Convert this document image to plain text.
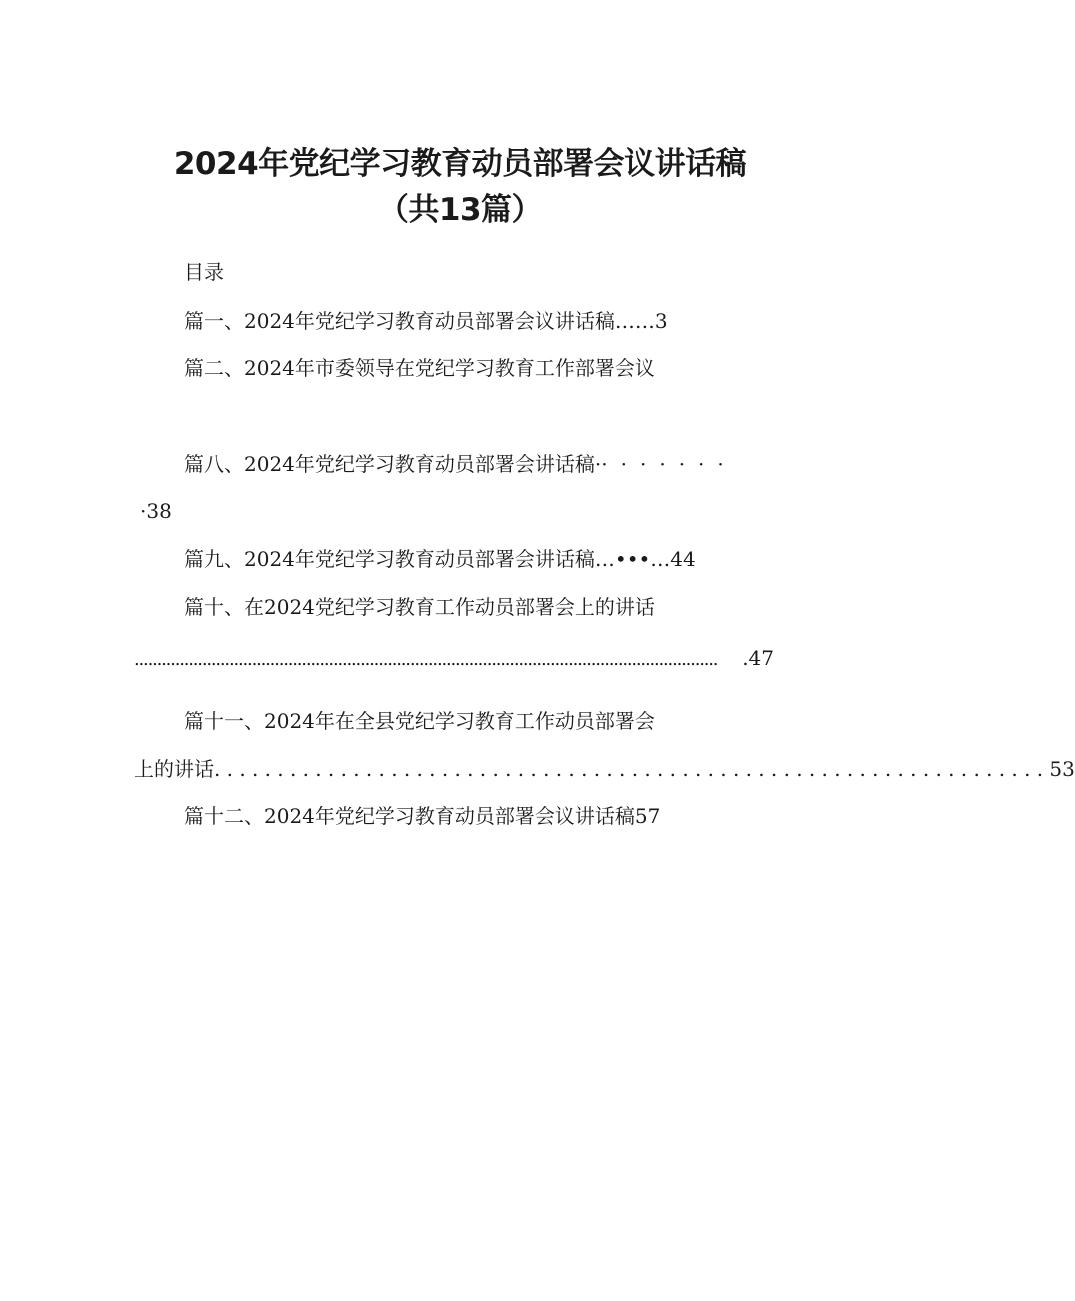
2024年党纪学习教育动员部署会议讲话稿
（共13篇）
目录
篇一、2024年党纪学习教育动员部署会议讲话稿……3
篇二、2024年市委领导在党纪学习教育工作部署会议
篇八、2024年党纪学习教育动员部署会讲话稿········
·38
篇九、2024年党纪学习教育动员部署会讲话稿…•••…44
篇十、在2024党纪学习教育工作动员部署会上的讲话
.................................................................................................................................	.47
篇十一、2024年在全县党纪学习教育工作动员部署会
上的讲话 .................................................................. 53
篇十二、2024年党纪学习教育动员部署会议讲话稿57
